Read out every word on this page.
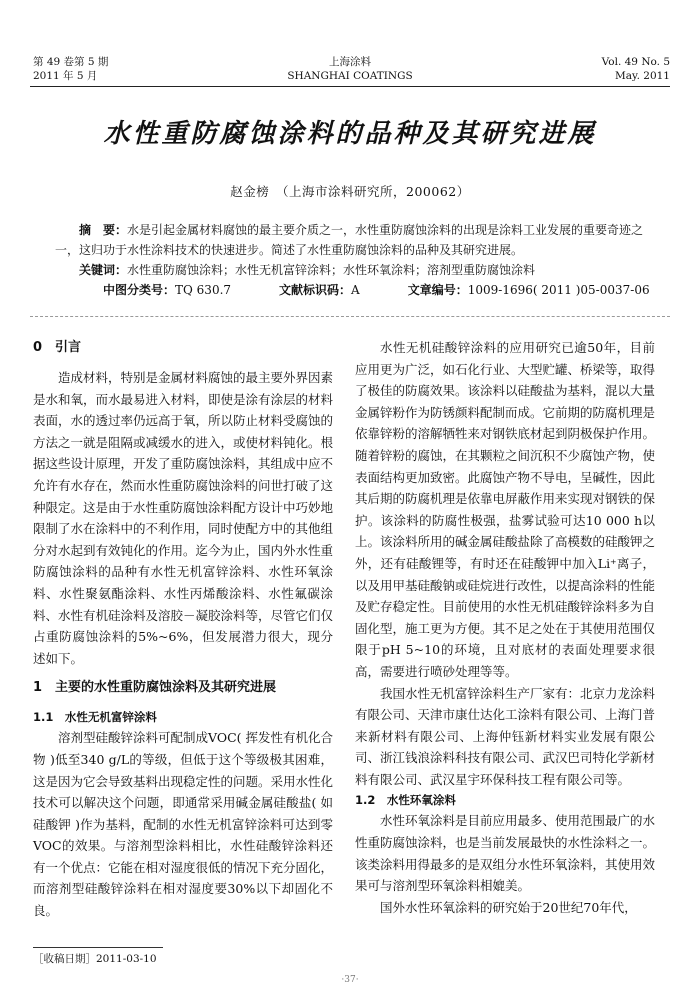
第 49 卷第 5 期
2011 年 5 月
上海涂料
SHANGHAI COATINGS
Vol. 49 No. 5
May. 2011
水性重防腐蚀涂料的品种及其研究进展
赵金榜　（上海市涂料研究所，200062）

摘　要：水是引起金属材料腐蚀的最主要介质之一，水性重防腐蚀涂料的出现是涂料工业发展的重要奇迹之一，这归功于水性涂料技术的快速进步。简述了水性重防腐蚀涂料的品种及其研究进展。

关键词：水性重防腐蚀涂料；水性无机富锌涂料；水性环氧涂料；溶剂型重防腐蚀涂料

中图分类号：TQ 630.7	文献标识码：A	文章编号：1009-1696( 2011 )05-0037-06
0　引言

造成材料，特别是金属材料腐蚀的最主要外界因素是水和氧，而水最易进入材料，即使是涂有涂层的材料表面，水的透过率仍远高于氧，所以防止材料受腐蚀的方法之一就是阻隔或减缓水的进入，或使材料钝化。根据这些设计原理，开发了重防腐蚀涂料，其组成中应不允许有水存在，然而水性重防腐蚀涂料的问世打破了这种限定。这是由于水性重防腐蚀涂料配方设计中巧妙地限制了水在涂料中的不利作用，同时使配方中的其他组分对水起到有效钝化的作用。迄今为止，国内外水性重防腐蚀涂料的品种有水性无机富锌涂料、水性环氧涂料、水性聚氨酯涂料、水性丙烯酸涂料、水性氟碳涂料、水性有机硅涂料及溶胶－凝胶涂料等，尽管它们仅占重防腐蚀涂料的5%~6%，但发展潜力很大，现分述如下。

1　主要的水性重防腐蚀涂料及其研究进展
1.1　水性无机富锌涂料

溶剂型硅酸锌涂料可配制成VOC( 挥发性有机化合物 )低至340 g/L的等级，但低于这个等级极其困难，这是因为它会导致基料出现稳定性的问题。采用水性化技术可以解决这个问题，即通常采用碱金属硅酸盐( 如硅酸钾 )作为基料，配制的水性无机富锌涂料可达到零VOC的效果。与溶剂型涂料相比，水性硅酸锌涂料还有一个优点：它能在相对湿度很低的情况下充分固化，而溶剂型硅酸锌涂料在相对湿度要30%以下却固化不良。

水性无机硅酸锌涂料的应用研究已逾50年，目前应用更为广泛，如石化行业、大型贮罐、桥梁等，取得了极佳的防腐效果。该涂料以硅酸盐为基料，混以大量金属锌粉作为防锈颜料配制而成。它前期的防腐机理是依靠锌粉的溶解牺牲来对钢铁底材起到阴极保护作用。随着锌粉的腐蚀，在其颗粒之间沉积不少腐蚀产物，使表面结构更加致密。此腐蚀产物不导电，呈碱性，因此其后期的防腐机理是依靠电屏蔽作用来实现对钢铁的保护。该涂料的防腐性极强，盐雾试验可达10 000 h以上。该涂料所用的碱金属硅酸盐除了高模数的硅酸钾之外，还有硅酸锂等，有时还在硅酸钾中加入Li⁺离子，以及用甲基硅酸钠或硅烷进行改性，以提高涂料的性能及贮存稳定性。目前使用的水性无机硅酸锌涂料多为自固化型，施工更为方便。其不足之处在于其使用范围仅限于pH 5~10的环境，且对底材的表面处理要求很高，需要进行喷砂处理等等。

我国水性无机富锌涂料生产厂家有：北京力龙涂料有限公司、天津市康仕达化工涂料有限公司、上海门普来新材料有限公司、上海仲钰新材料实业发展有限公司、浙江钱浪涂料科技有限公司、武汉巴司特化学新材料有限公司、武汉星宇环保科技工程有限公司等。

1.2　水性环氧涂料

水性环氧涂料是目前应用最多、使用范围最广的水性重防腐蚀涂料，也是当前发展最快的水性涂料之一。该类涂料用得最多的是双组分水性环氧涂料，其使用效果可与溶剂型环氧涂料相媲美。

国外水性环氧涂料的研究始于20世纪70年代，

［收稿日期］2011-03-10
·37·
